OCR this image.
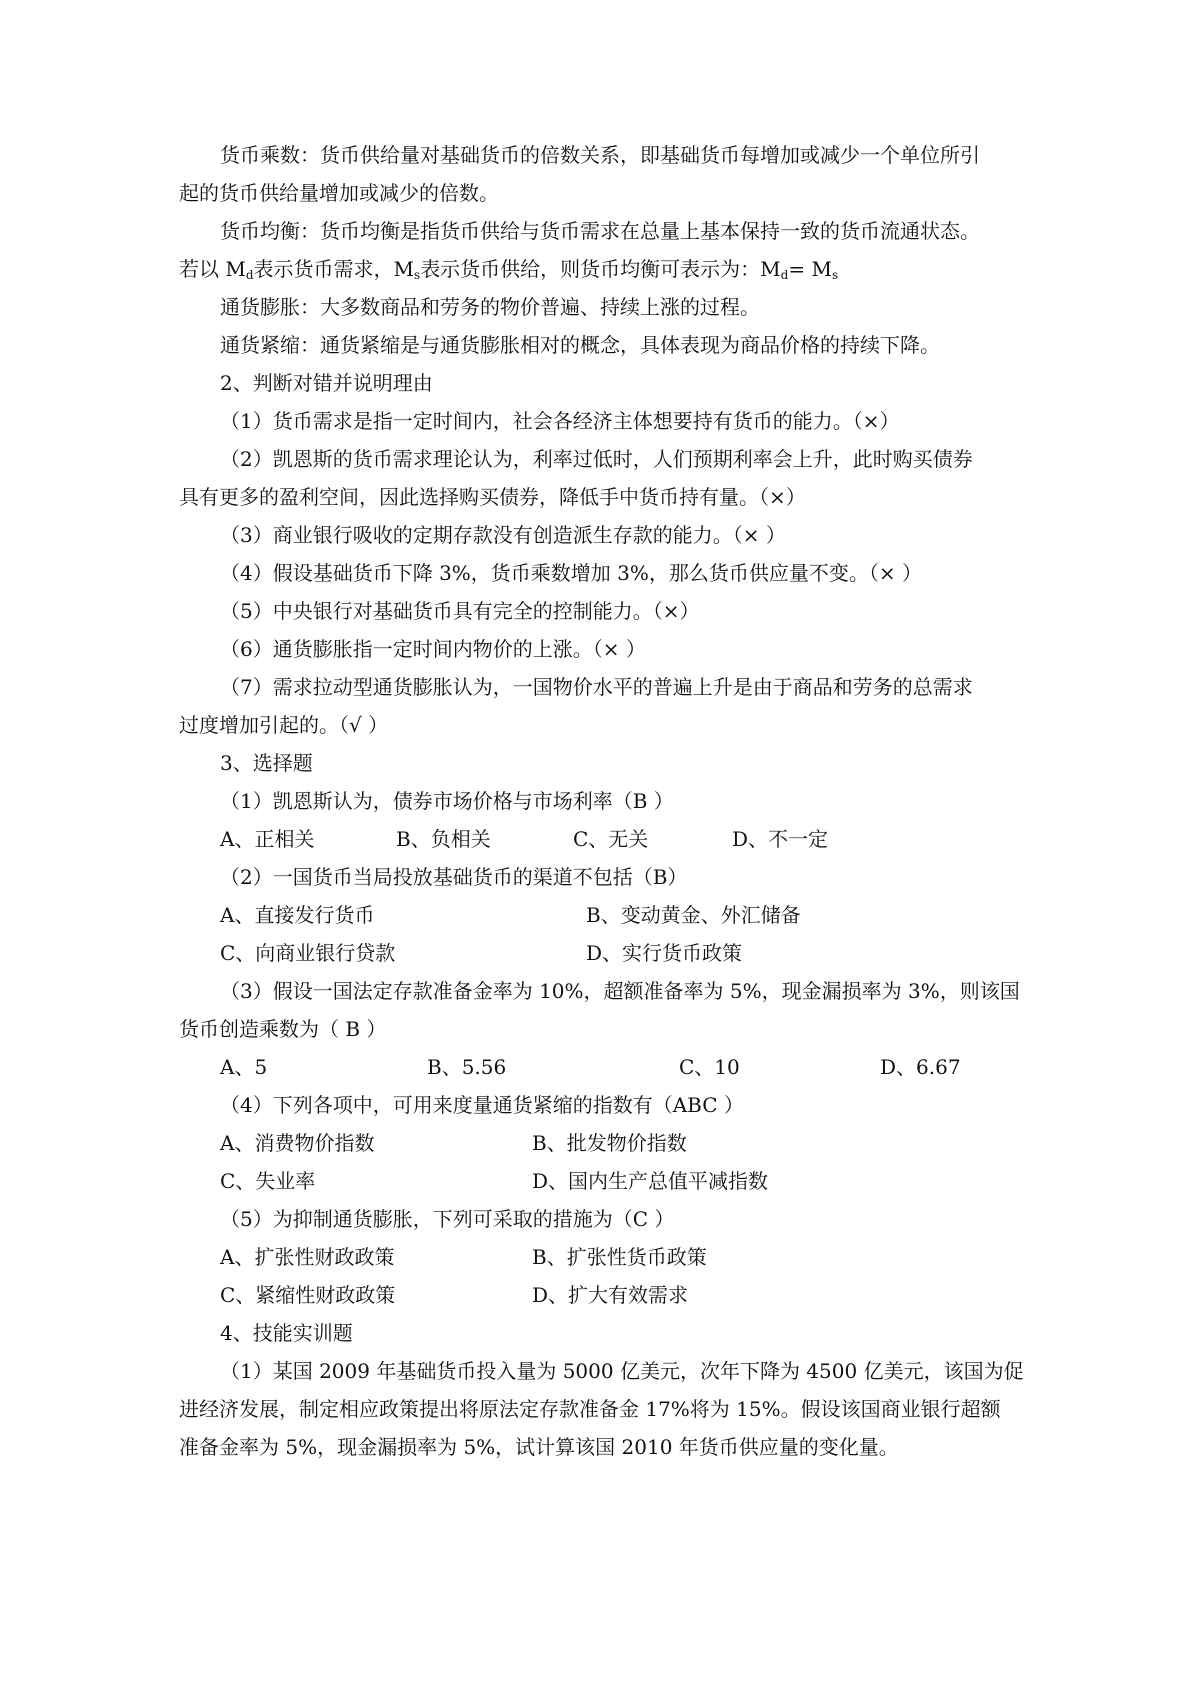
货币乘数：货币供给量对基础货币的倍数关系，即基础货币每增加或减少一个单位所引
起的货币供给量增加或减少的倍数。
货币均衡：货币均衡是指货币供给与货币需求在总量上基本保持一致的货币流通状态。
若以 $M_d$表示货币需求，$M_s$表示货币供给，则货币均衡可表示为：$M_d= M_s$
通货膨胀：大多数商品和劳务的物价普遍、持续上涨的过程。
通货紧缩：通货紧缩是与通货膨胀相对的概念，具体表现为商品价格的持续下降。
2、判断对错并说明理由
（1）货币需求是指一定时间内，社会各经济主体想要持有货币的能力。（×）
（2）凯恩斯的货币需求理论认为，利率过低时，人们预期利率会上升，此时购买债券
具有更多的盈利空间，因此选择购买债券，降低手中货币持有量。（×）
（3）商业银行吸收的定期存款没有创造派生存款的能力。（× ）
（4）假设基础货币下降 3%，货币乘数增加 3%，那么货币供应量不变。（× ）
（5）中央银行对基础货币具有完全的控制能力。（×）
（6）通货膨胀指一定时间内物价的上涨。（× ）
（7）需求拉动型通货膨胀认为，一国物价水平的普遍上升是由于商品和劳务的总需求
过度增加引起的。（√ ）
3、选择题
（1）凯恩斯认为，债券市场价格与市场利率（B ）
A、正相关	B、负相关	C、无关	D、不一定
（2）一国货币当局投放基础货币的渠道不包括（B）
A、直接发行货币	B、变动黄金、外汇储备
C、向商业银行贷款	D、实行货币政策
（3）假设一国法定存款准备金率为 10%，超额准备率为 5%，现金漏损率为 3%，则该国
货币创造乘数为（ B ）
A、5	B、5.56	C、10	D、6.67
（4）下列各项中，可用来度量通货紧缩的指数有（ABC ）
A、消费物价指数	B、批发物价指数
C、失业率	D、国内生产总值平减指数
（5）为抑制通货膨胀，下列可采取的措施为（C ）
A、扩张性财政政策	B、扩张性货币政策
C、紧缩性财政政策	D、扩大有效需求
4、技能实训题
（1）某国 2009 年基础货币投入量为 5000 亿美元，次年下降为 4500 亿美元，该国为促
进经济发展，制定相应政策提出将原法定存款准备金 17%将为 15%。假设该国商业银行超额
准备金率为 5%，现金漏损率为 5%，试计算该国 2010 年货币供应量的变化量。
